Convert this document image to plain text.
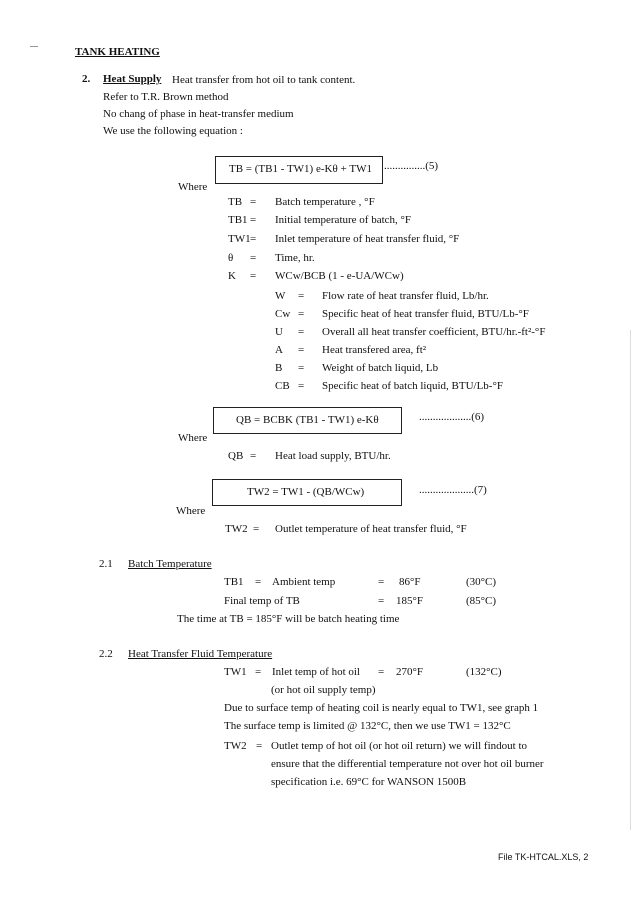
TANK HEATING
2. Heat Supply Heat transfer from hot oil to tank content.
Refer to T.R. Brown method
No chang of phase in heat-transfer medium
We use the following equation :
TB = (TB1 - TW1) e-Kθ + TW1 ...............(5)
Where
TB = Batch temperature , °F
TB1 = Initial temperature of batch, °F
TW1 = Inlet temperature of heat transfer fluid, °F
θ = Time, hr.
K = WCw/BCB (1 - e-UA/WCw)
W = Flow rate of heat transfer fluid, Lb/hr.
Cw = Specific heat of heat transfer fluid, BTU/Lb-°F
U = Overall all heat transfer coefficient, BTU/hr.-ft²-°F
A = Heat transfered area, ft²
B = Weight of batch liquid, Lb
CB = Specific heat of batch liquid, BTU/Lb-°F
QB = BCBK (TB1 - TW1) e-Kθ	...................(6)
Where
QB = Heat load supply, BTU/hr.
TW2 = TW1 - (QB/WCw)	....................(7)
Where
TW2 = Outlet temperature of heat transfer fluid, °F
2.1 Batch Temperature
TB1 = Ambient temp	= 86°F	(30°C)
Final temp of TB	= 185°F	(85°C)
The time at TB = 185°F will be batch heating time
2.2 Heat Transfer Fluid Temperature
TW1 = Inlet temp of hot oil = 270°F	(132°C)
(or hot oil supply temp)
Due to surface temp of heating coil is nearly equal to TW1, see graph 1
The surface temp is limited @ 132°C, then we use TW1 = 132°C
TW2 = Outlet temp of hot oil (or hot oil return) we will findout to
ensure that the differential temperature not over hot oil burner
specification i.e. 69°C for WANSON 1500B
File TK-HTCAL.XLS, 2
